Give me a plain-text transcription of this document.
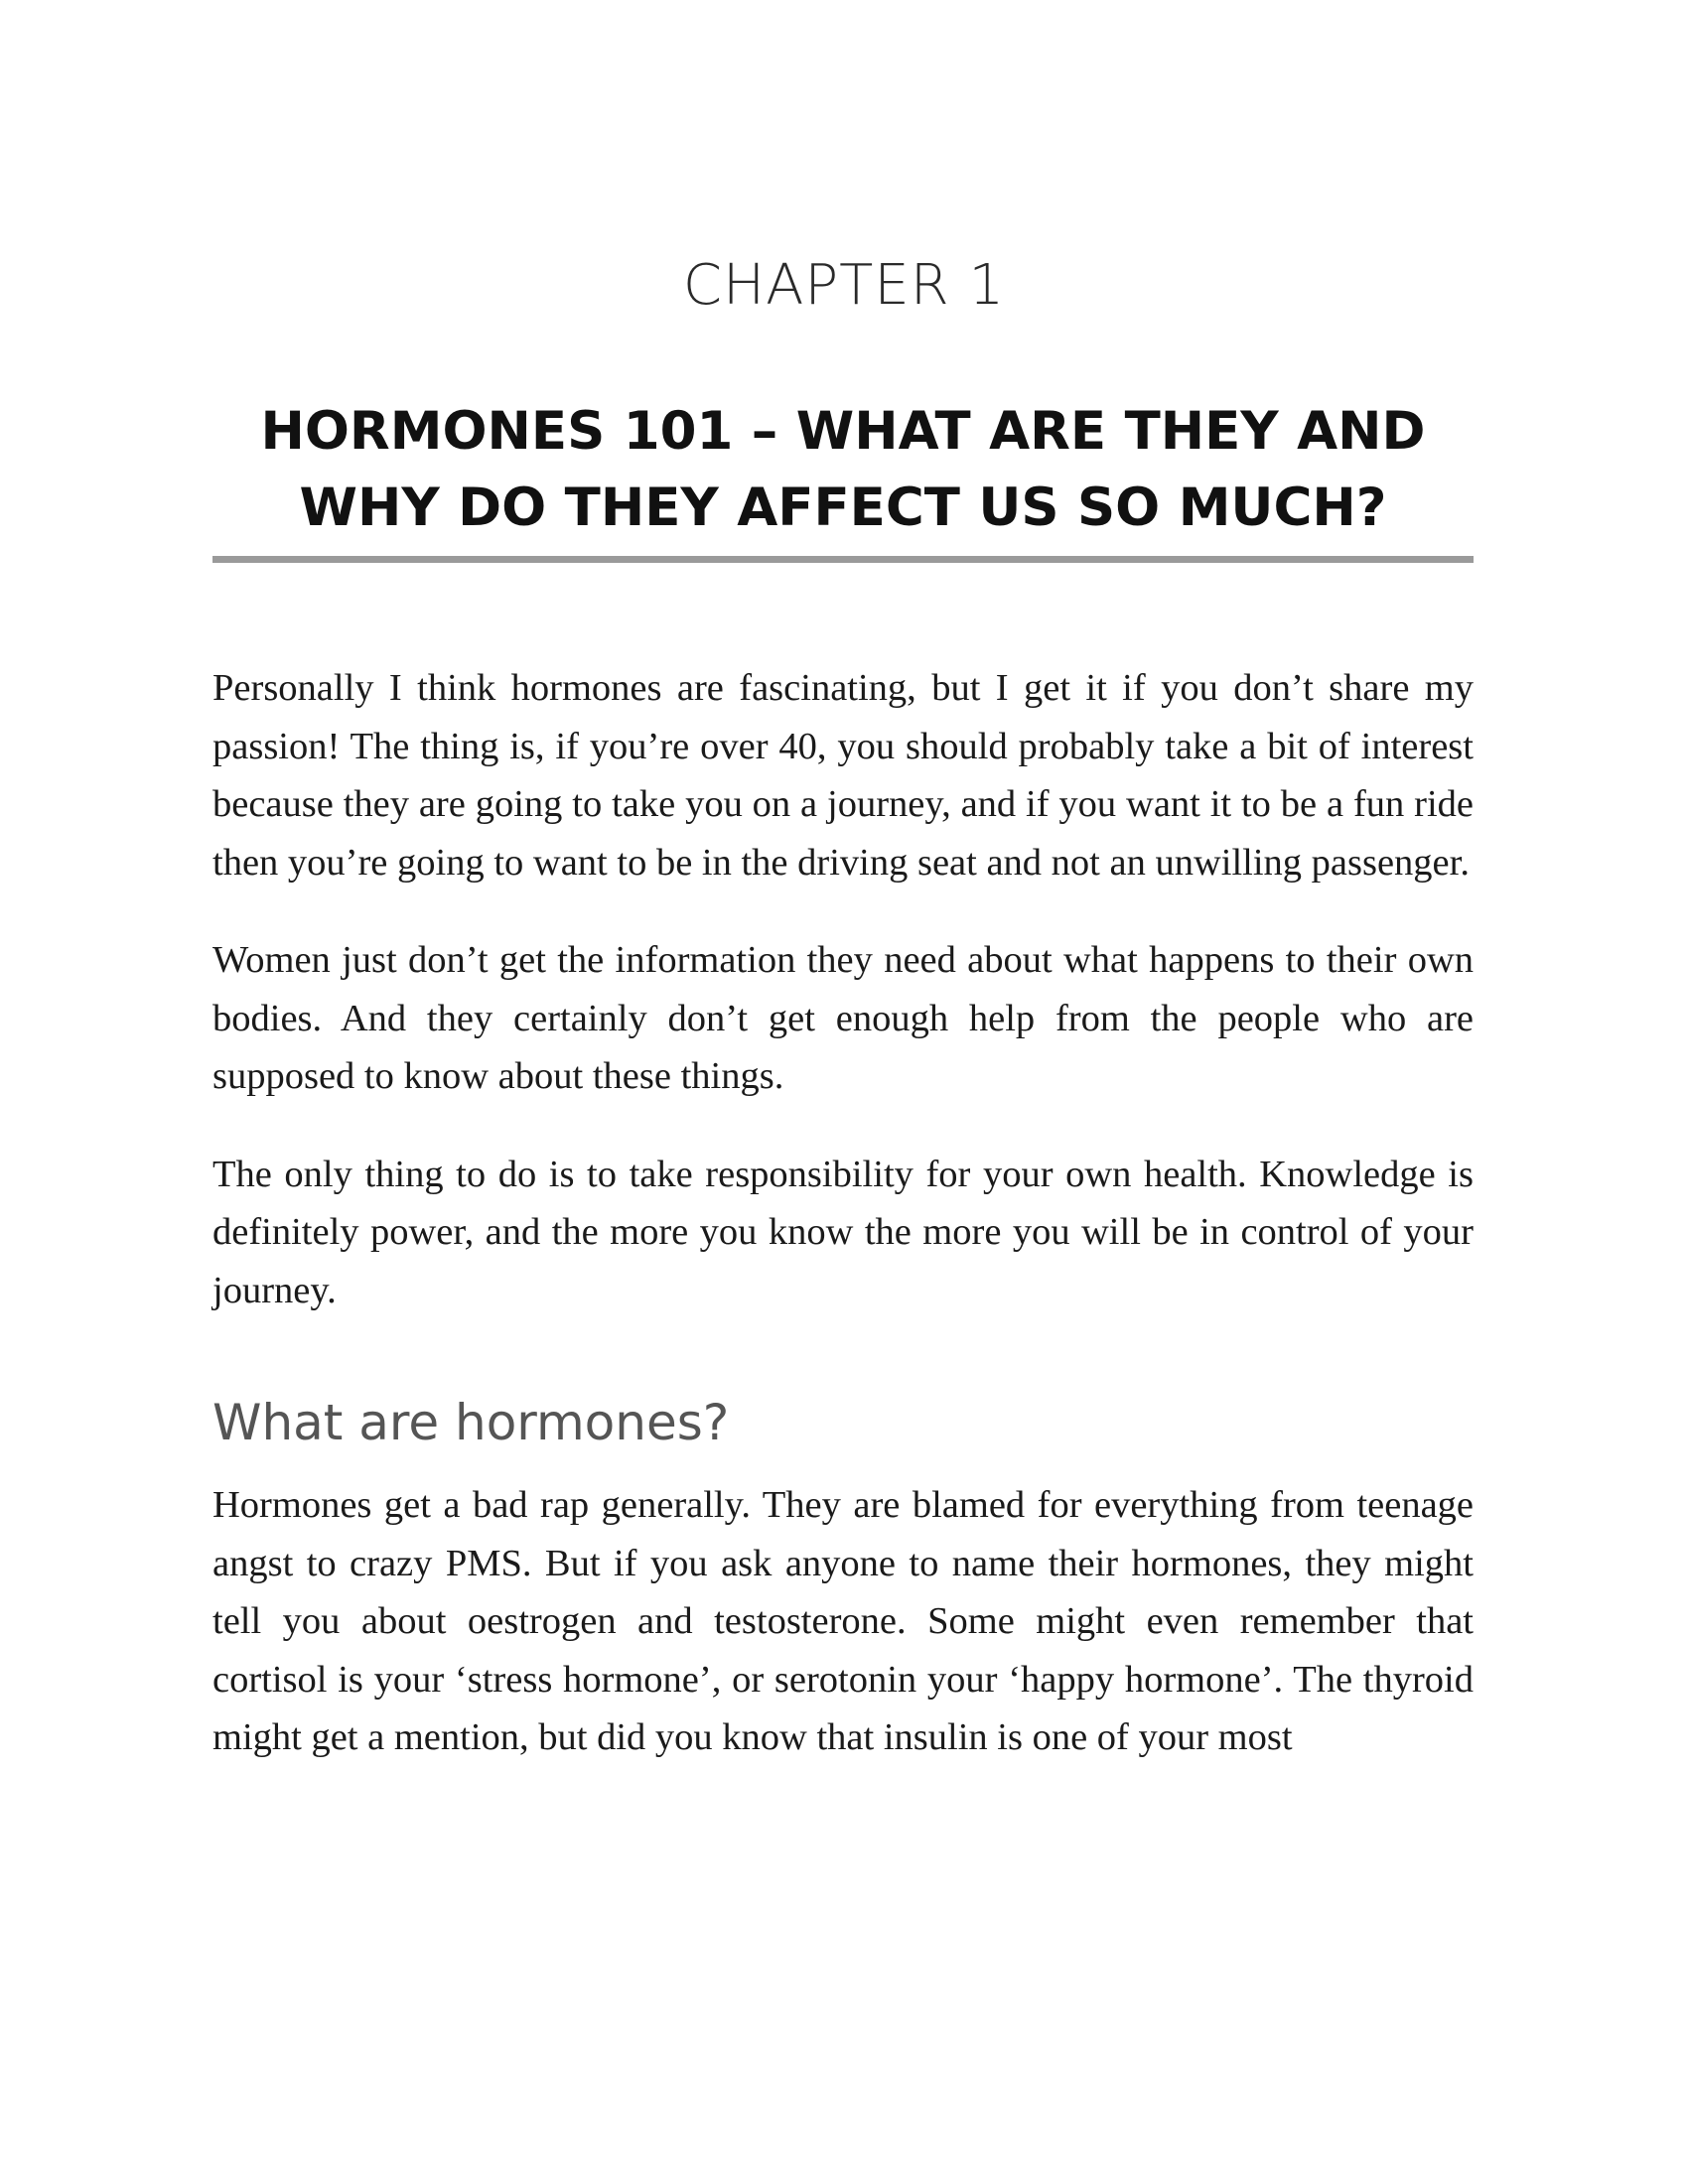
CHAPTER 1
HORMONES 101 – WHAT ARE THEY AND
WHY DO THEY AFFECT US SO MUCH?

Personally I think hormones are fascinating, but I get it if you don’t share my passion! The thing is, if you’re over 40, you should probably take a bit of interest because they are going to take you on a journey, and if you want it to be a fun ride then you’re going to want to be in the driving seat and not an unwilling passenger.

Women just don’t get the information they need about what happens to their own bodies. And they certainly don’t get enough help from the people who are supposed to know about these things.

The only thing to do is to take responsibility for your own health. Knowledge is definitely power, and the more you know the more you will be in control of your journey.

What are hormones?

Hormones get a bad rap generally. They are blamed for everything from teenage angst to crazy PMS. But if you ask anyone to name their hormones, they might tell you about oestrogen and testosterone. Some might even remember that cortisol is your ‘stress hormone’, or serotonin your ‘happy hormone’. The thyroid might get a mention, but did you know that insulin is one of your most
